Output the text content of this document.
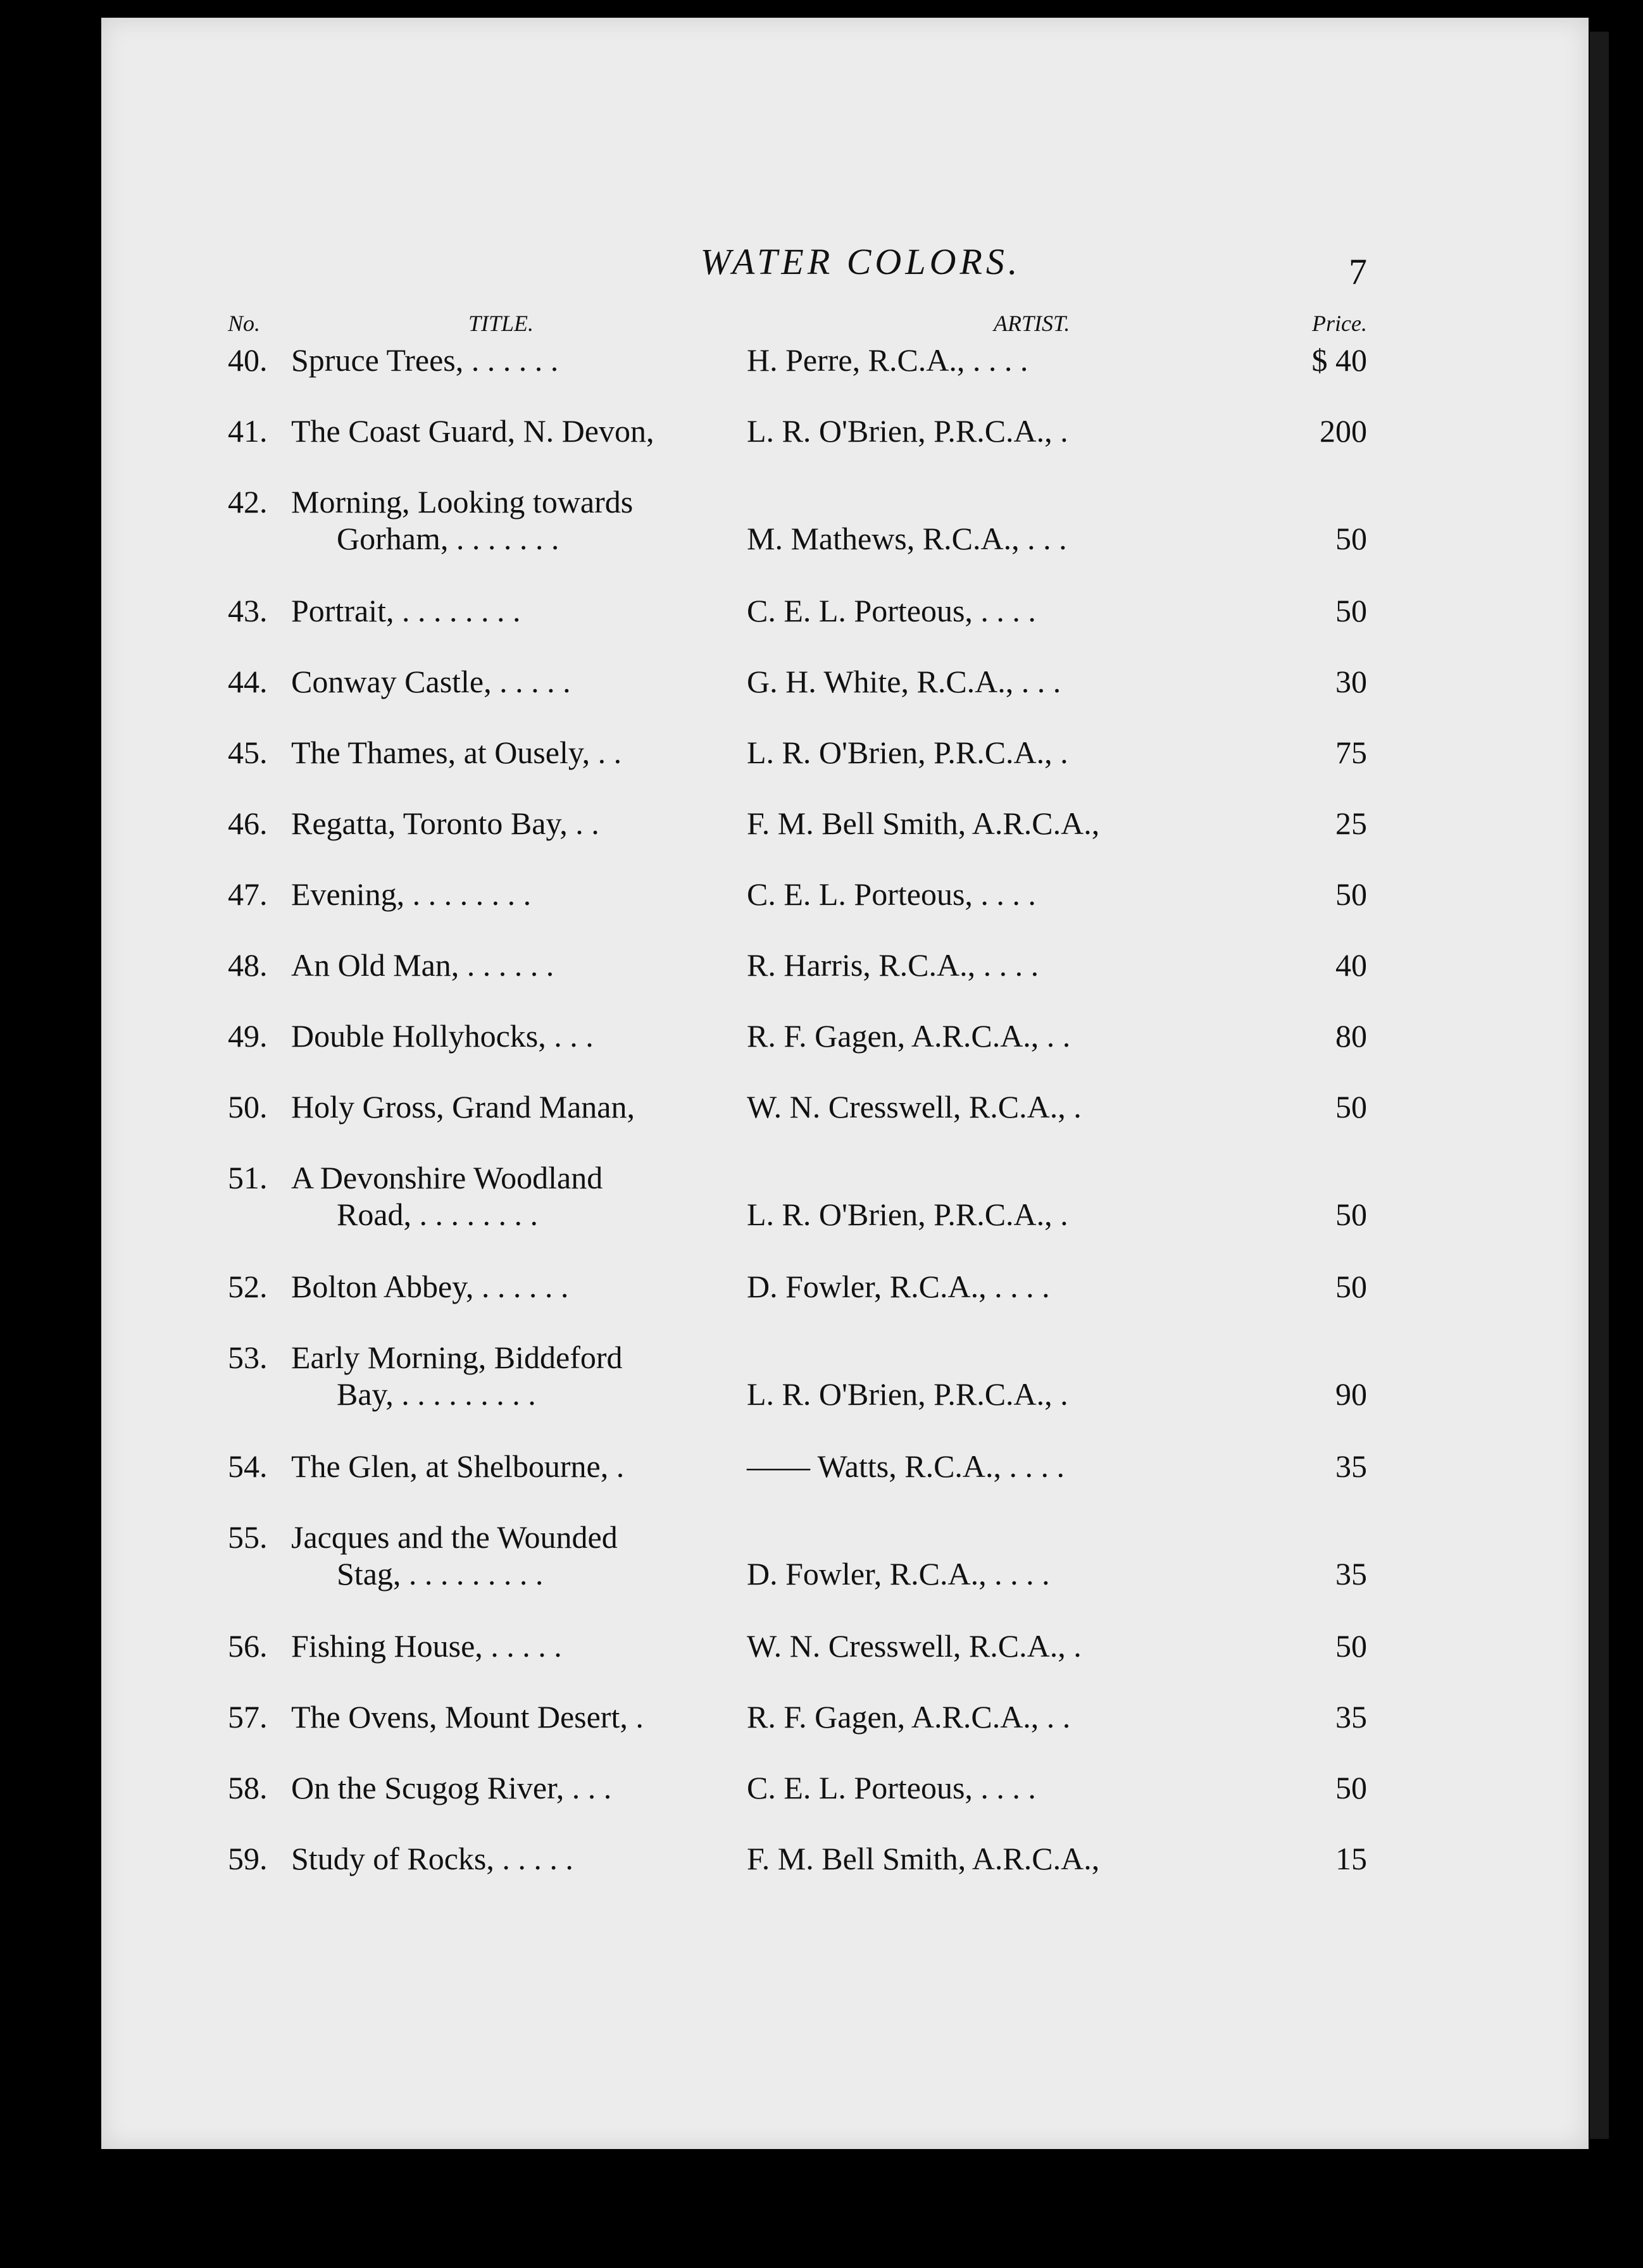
WATER COLORS.	7
No.	TITLE.	ARTIST.	Price.
40. Spruce Trees, . . . . . .	H. Perre, R.C.A., . . . .	$ 40
41. The Coast Guard, N. Devon,	L. R. O'Brien, P.R.C.A., .	200
42. Morning, Looking towards
Gorham, . . . . . . .	M. Mathews, R.C.A., . . .	50
43. Portrait, . . . . . . . .	C. E. L. Porteous, . . . .	50
44. Conway Castle, . . . . .	G. H. White, R.C.A., . . .	30
45. The Thames, at Ousely, . .	L. R. O'Brien, P.R.C.A., .	75
46. Regatta, Toronto Bay, . .	F. M. Bell Smith, A.R.C.A.,	25
47. Evening, . . . . . . . .	C. E. L. Porteous, . . . .	50
48. An Old Man, . . . . . .	R. Harris, R.C.A., . . . .	40
49. Double Hollyhocks, . . .	R. F. Gagen, A.R.C.A., . .	80
50. Holy Gross, Grand Manan,	W. N. Cresswell, R.C.A., .	50
51. A Devonshire Woodland
Road, . . . . . . . .	L. R. O'Brien, P.R.C.A., .	50
52. Bolton Abbey, . . . . . .	D. Fowler, R.C.A., . . . .	50
53. Early Morning, Biddeford
Bay, . . . . . . . . .	L. R. O'Brien, P.R.C.A., .	90
54. The Glen, at Shelbourne, .	—— Watts, R.C.A., . . . .	35
55. Jacques and the Wounded
Stag, . . . . . . . . .	D. Fowler, R.C.A., . . . .	35
56. Fishing House, . . . . .	W. N. Cresswell, R.C.A., .	50
57. The Ovens, Mount Desert, .	R. F. Gagen, A.R.C.A., . .	35
58. On the Scugog River, . . .	C. E. L. Porteous, . . . .	50
59. Study of Rocks, . . . . .	F. M. Bell Smith, A.R.C.A.,	15
